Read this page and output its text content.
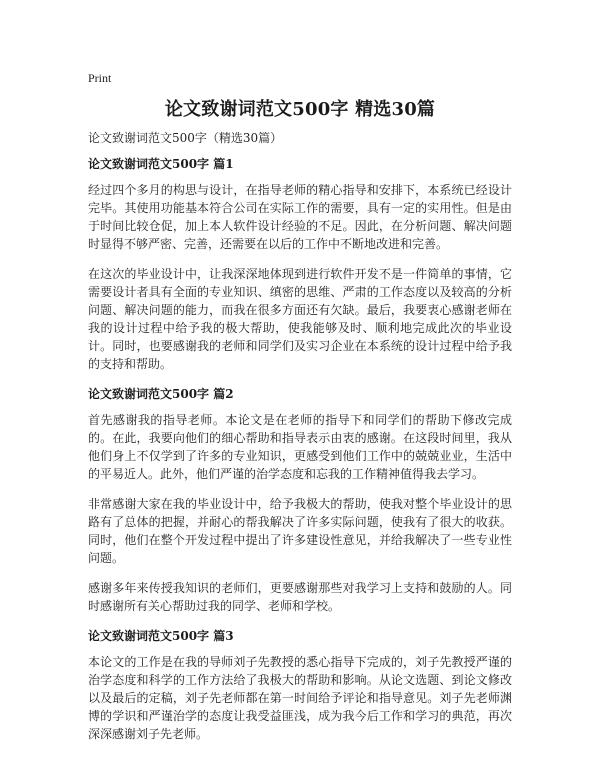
Print
论文致谢词范文500字 精选30篇
论文致谢词范文500字（精选30篇）
论文致谢词范文500字 篇1

经过四个多月的构思与设计，在指导老师的精心指导和安排下，本系统已经设计完毕。其使用功能基本符合公司在实际工作的需要，具有一定的实用性。但是由于时间比较仓促，加上本人软件设计经验的不足。因此，在分析问题、解决问题时显得不够严密、完善，还需要在以后的工作中不断地改进和完善。

在这次的毕业设计中，让我深深地体现到进行软件开发不是一件简单的事情，它需要设计者具有全面的专业知识、缜密的思维、严肃的工作态度以及较高的分析问题、解决问题的能力，而我在很多方面还有欠缺。最后，我要衷心感谢老师在我的设计过程中给予我的极大帮助，使我能够及时、顺利地完成此次的毕业设计。同时，也要感谢我的老师和同学们及实习企业在本系统的设计过程中给予我的支持和帮助。

论文致谢词范文500字 篇2

首先感谢我的指导老师。本论文是在老师的指导下和同学们的帮助下修改完成的。在此，我要向他们的细心帮助和指导表示由衷的感谢。在这段时间里，我从他们身上不仅学到了许多的专业知识，更感受到他们工作中的兢兢业业，生活中的平易近人。此外，他们严谨的治学态度和忘我的工作精神值得我去学习。

非常感谢大家在我的毕业设计中，给予我极大的帮助，使我对整个毕业设计的思路有了总体的把握，并耐心的帮我解决了许多实际问题，使我有了很大的收获。同时，他们在整个开发过程中提出了许多建设性意见，并给我解决了一些专业性问题。

感谢多年来传授我知识的老师们，更要感谢那些对我学习上支持和鼓励的人。同时感谢所有关心帮助过我的同学、老师和学校。

论文致谢词范文500字 篇3

本论文的工作是在我的导师刘子先教授的悉心指导下完成的，刘子先教授严谨的治学态度和科学的工作方法给了我极大的帮助和影响。从论文选题、到论文修改以及最后的定稿，刘子先老师都在第一时间给予评论和指导意见。刘子先老师渊博的学识和严谨治学的态度让我受益匪浅，成为我今后工作和学习的典范，再次深深感谢刘子先老师。
